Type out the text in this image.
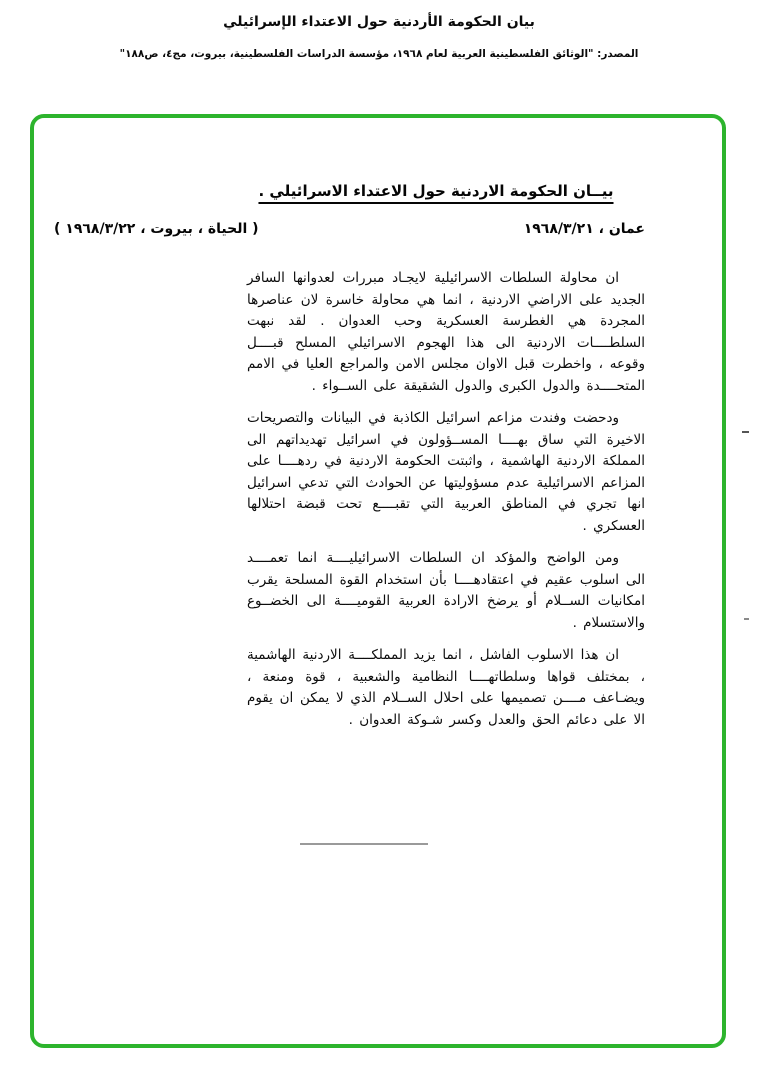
بيان الحكومة الأردنية حول الاعتداء الإسرائيلي
المصدر: "الوثائق الفلسطينية العربية لعام ١٩٦٨، مؤسسة الدراسات الفلسطينية، بيروت، مج٤، ص١٨٨"
بيــان الحكومة الاردنية حول الاعتداء الاسرائيلي .
عمان ، ١٩٦٨/٣/٢١
( الحياة ، بيروت ، ١٩٦٨/٣/٢٢ )

ان محاولة السلطات الاسرائيلية لايجـاد مبررات لعدوانها السافر الجديد على الاراضي الاردنية ، انما هي محاولة خاسرة لان عناصرها المجردة هي الغطرسة العسكرية وحب العدوان . لقد نبهت السلطــــات الاردنية الى هذا الهجوم الاسرائيلي المسلح قبــــل وقوعه ، واخطرت قبل الاوان مجلس الامن والمراجع العليا في الامم المتحــــدة والدول الكبرى والدول الشقيقة على الســواء .

ودحضت وفندت مزاعم اسرائيل الكاذبة في البيانات والتصريحات الاخيرة التي ساق بهــــا المســؤولون في اسرائيل تهديداتهم الى المملكة الاردنية الهاشمية ، واثبتت الحكومة الاردنية في ردهــــا على المزاعم الاسرائيلية عدم مسؤوليتها عن الحوادث التي تدعي اسرائيل انها تجري في المناطق العربية التي تقبــــع تحت قبضة احتلالها العسكري .

ومن الواضح والمؤكد ان السلطات الاسرائيليــــة انما تعمــــد الى اسلوب عقيم في اعتقادهــــا بأن استخدام القوة المسلحة يقرب امكانيات الســلام أو يرضخ الارادة العربية القوميــــة الى الخضــوع والاستسلام .

ان هذا الاسلوب الفاشل ، انما يزيد المملكــــة الاردنية الهاشمية ، بمختلف قواها وسلطاتهــــا النظامية والشعبية ، قوة ومنعة ، ويضـاعف مــــن تصميمها على احلال الســلام الذي لا يمكن ان يقوم الا على دعائم الحق والعدل وكسر شـوكة العدوان .
